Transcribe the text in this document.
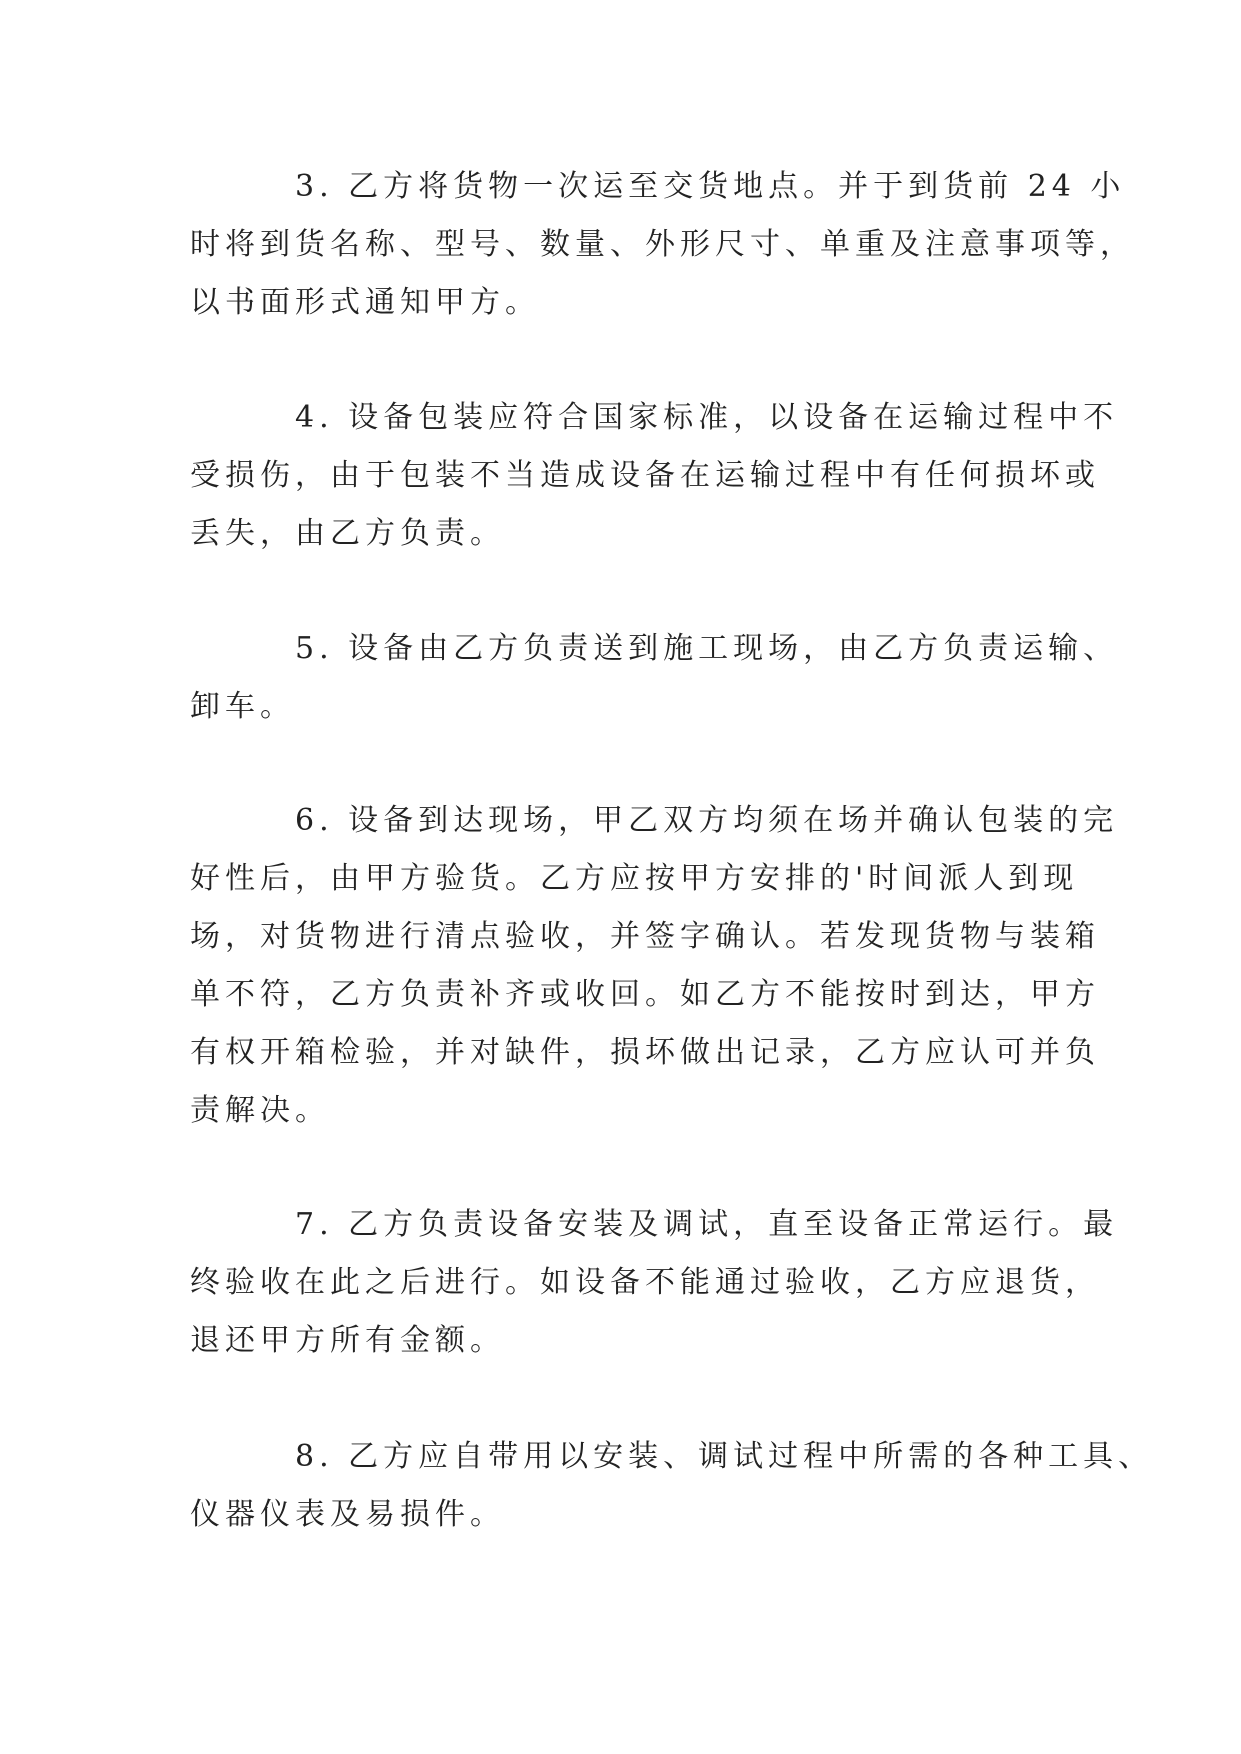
3. 乙方将货物一次运至交货地点。并于到货前 24 小
时将到货名称、型号、数量、外形尺寸、单重及注意事项等，
以书面形式通知甲方。
4. 设备包装应符合国家标准，以设备在运输过程中不
受损伤，由于包装不当造成设备在运输过程中有任何损坏或
丢失，由乙方负责。
5. 设备由乙方负责送到施工现场，由乙方负责运输、
卸车。
6. 设备到达现场，甲乙双方均须在场并确认包装的完
好性后，由甲方验货。乙方应按甲方安排的'时间派人到现
场，对货物进行清点验收，并签字确认。若发现货物与装箱
单不符，乙方负责补齐或收回。如乙方不能按时到达，甲方
有权开箱检验，并对缺件，损坏做出记录，乙方应认可并负
责解决。
7. 乙方负责设备安装及调试，直至设备正常运行。最
终验收在此之后进行。如设备不能通过验收，乙方应退货，
退还甲方所有金额。
8. 乙方应自带用以安装、调试过程中所需的各种工具、
仪器仪表及易损件。
